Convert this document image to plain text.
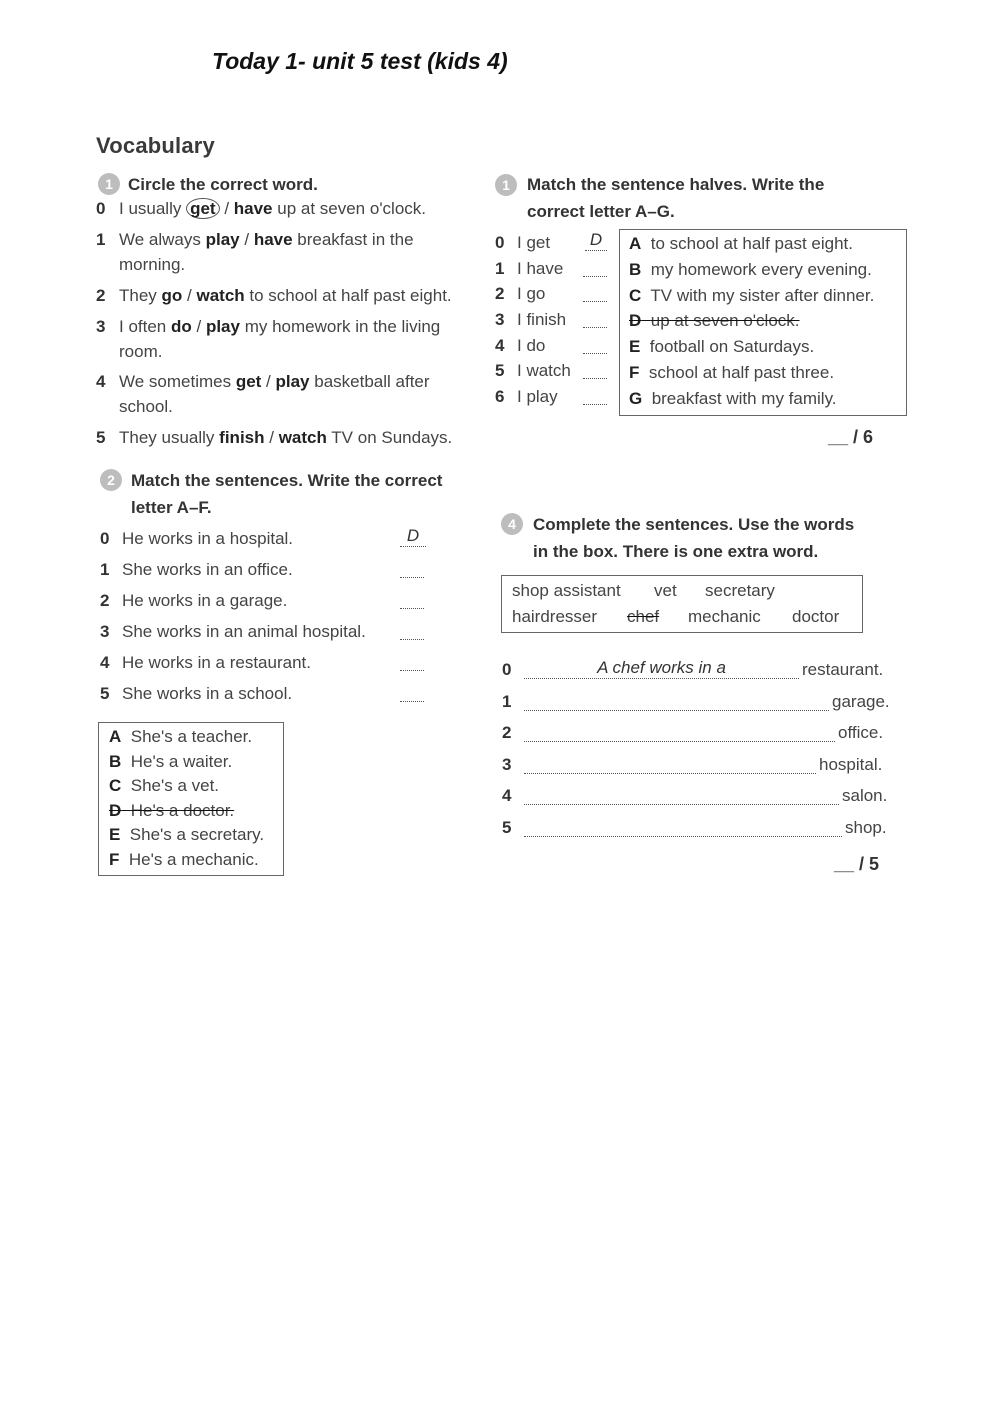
Today 1- unit 5 test (kids 4)
Vocabulary
1 Circle the correct word.
0 I usually get / have up at seven o'clock.
1 We always play / have breakfast in the
morning.
2 They go / watch to school at half past eight.
3 I often do / play my homework in the living
room.
4 We sometimes get / play basketball after
school.
5 They usually finish / watch TV on Sundays.
2 Match the sentences. Write the correct
letter A–F.
0 He works in a hospital.	D
1 She works in an office.
2 He works in a garage.
3 She works in an animal hospital.
4 He works in a restaurant.
5 She works in a school.
A She's a teacher.
B He's a waiter.
C She's a vet.
D He's a doctor.
E She's a secretary.
F He's a mechanic.
1	Match the sentence halves. Write the
correct letter A–G.
0 I get D
1 I have
2 I go
3 I finish
4 I do
5 I watch
6 I play
A to school at half past eight.
B my homework every evening.
C TV with my sister after dinner.
D up at seven o'clock.
E football on Saturdays.
F school at half past three.
G breakfast with my family.
__ / 6
4	Complete the sentences. Use the words
in the box. There is one extra word.
shop assistant vet secretary
hairdresser chef mechanic doctor
0	A chef works in a	restaurant.
1	garage.
2	office.
3	hospital.
4	salon.
5	shop.
__ / 5
